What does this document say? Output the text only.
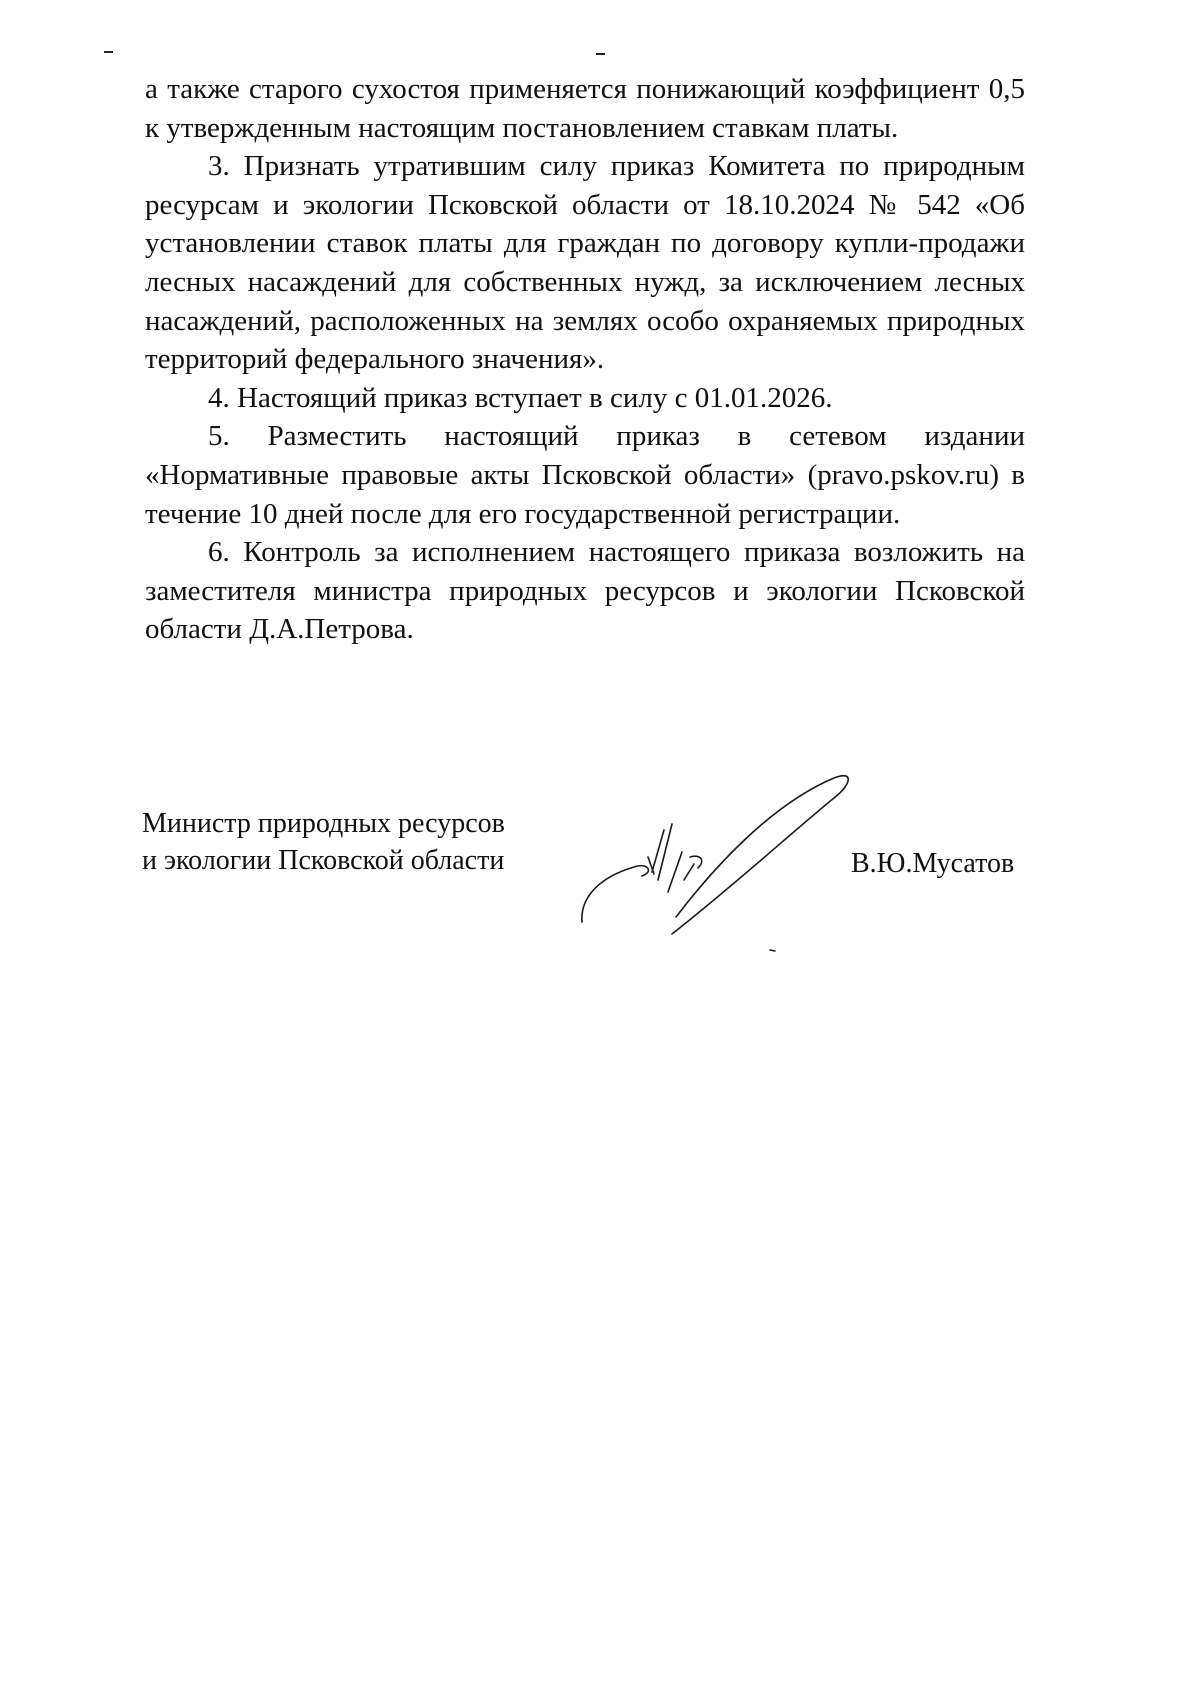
а также старого сухостоя применяется понижающий коэффициент 0,5 к утвержденным настоящим постановлением ставкам платы.

3. Признать утратившим силу приказ Комитета по природным ресурсам и экологии Псковской области от 18.10.2024 № 542 «Об установлении ставок платы для граждан по договору купли-продажи лесных насаждений для собственных нужд, за исключением лесных насаждений, расположенных на землях особо охраняемых природных территорий федерального значения».

4. Настоящий приказ вступает в силу с 01.01.2026.

5. Разместить настоящий приказ в сетевом издании «Нормативные правовые акты Псковской области» (pravo.pskov.ru) в течение 10 дней после для его государственной регистрации.

6. Контроль за исполнением настоящего приказа возложить на заместителя министра природных ресурсов и экологии Псковской области Д.А.Петрова.

Министр природных ресурсов
и экологии Псковской области	В.Ю.Мусатов
